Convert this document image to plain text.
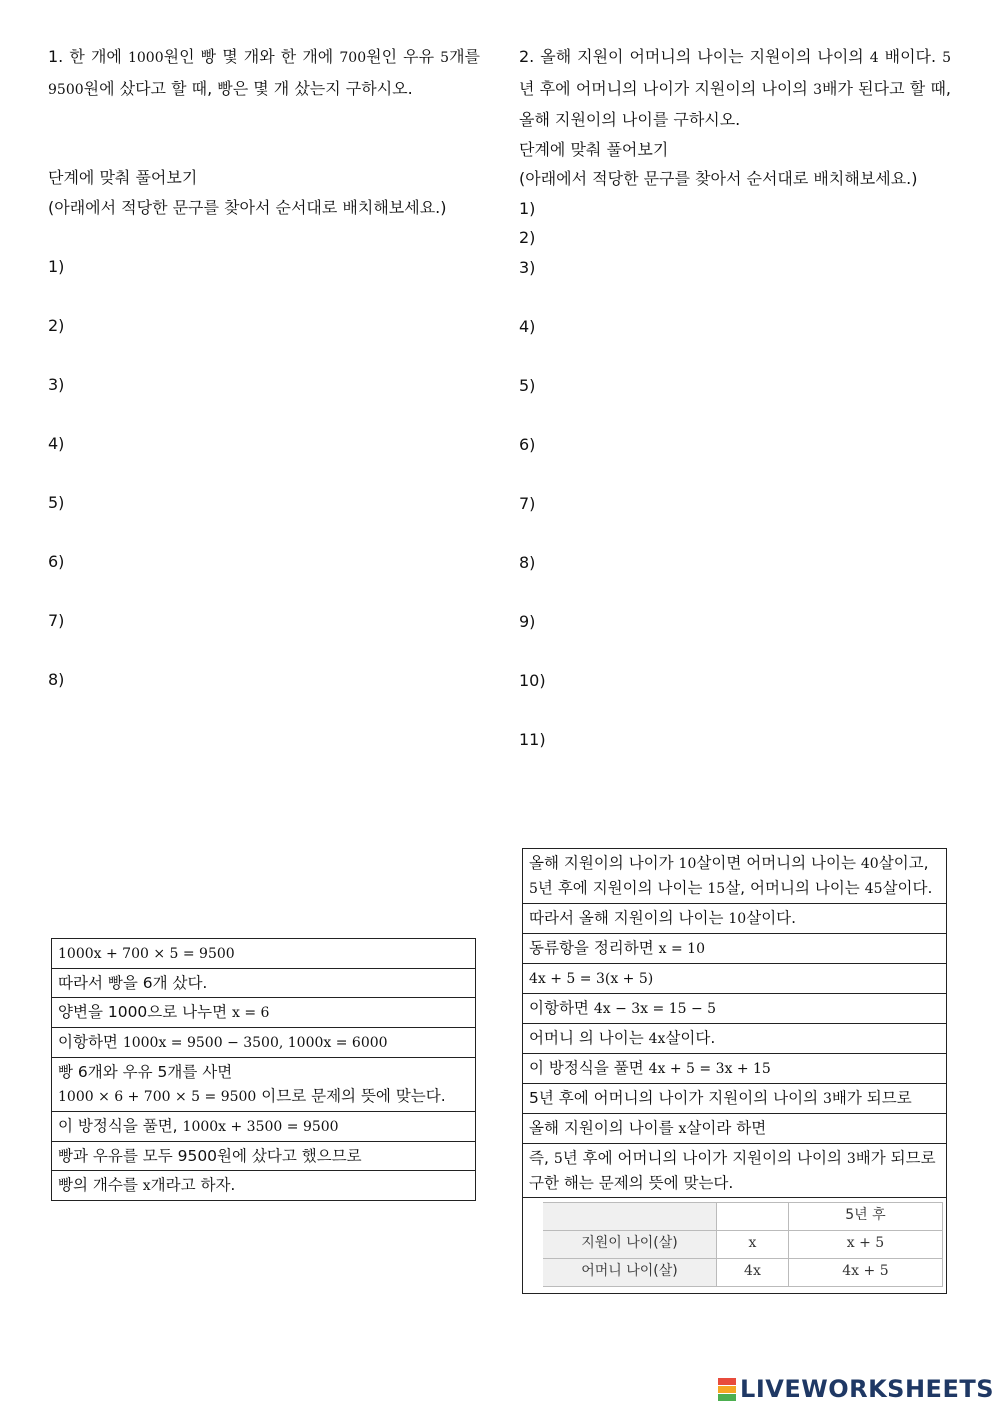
1. 한 개에 1000원인 빵 몇 개와 한 개에 700원인 우유 5개를 9500원에 샀다고 할 때, 빵은 몇 개 샀는지 구하시오.

단계에 맞춰 풀어보기

(아래에서 적당한 문구를 찾아서 순서대로 배치해보세요.)

1)
2)
3)
4)
5)
6)
7)
8)
1000x + 700 × 5 = 9500
따라서 빵을 6개 샀다.
양변을 1000으로 나누면 x = 6
이항하면 1000x = 9500 − 3500, 1000x = 6000
빵 6개와 우유 5개를 사면
1000 × 6 + 700 × 5 = 9500 이므로 문제의 뜻에 맞는다.
이 방정식을 풀면, 1000x + 3500 = 9500
빵과 우유를 모두 9500원에 샀다고 했으므로
빵의 개수를 x개라고 하자.

2. 올해 지원이 어머니의 나이는 지원이의 나이의 4 배이다. 5년 후에 어머니의 나이가 지원이의 나이의 3배가 된다고 할 때, 올해 지원이의 나이를 구하시오.

단계에 맞춰 풀어보기

(아래에서 적당한 문구를 찾아서 순서대로 배치해보세요.)

1)
2)
3)
4)
5)
6)
7)
8)
9)
10)
11)
올해 지원이의 나이가 10살이면 어머니의 나이는 40살이고, 5년 후에 지원이의 나이는 15살, 어머니의 나이는 45살이다.
따라서 올해 지원이의 나이는 10살이다.
동류항을 정리하면 x = 10
4x + 5 = 3(x + 5)
이항하면 4x − 3x = 15 − 5
어머니 의 나이는 4x살이다.
이 방정식을 풀면 4x + 5 = 3x + 15
5년 후에 어머니의 나이가 지원이의 나이의 3배가 되므로
올해 지원이의 나이를 x살이라 하면
즉, 5년 후에 어머니의 나이가 지원이의 나이의 3배가 되므로 구한 해는 문제의 뜻에 맞는다.

		5년 후
지원이 나이(살)	x	x + 5
어머니 나이(살)	4x	4x + 5
LIVEWORKSHEETS
